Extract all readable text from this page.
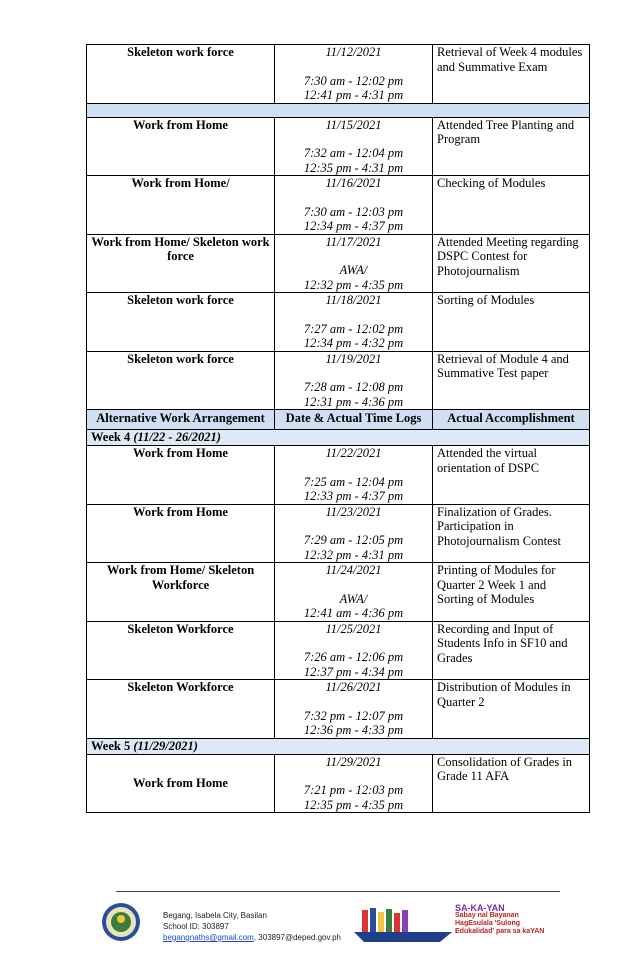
Skeleton work force	11/12/2021
7:30 am - 12:02 pm
12:41 pm - 4:31 pm	Retrieval of Week 4 modules and Summative Exam

Work from Home	11/15/2021
7:32 am - 12:04 pm
12:35 pm - 4:31 pm	Attended Tree Planting and Program
Work from Home/	11/16/2021
7:30 am - 12:03 pm
12:34 pm - 4:37 pm	Checking of Modules
Work from Home/ Skeleton work force	11/17/2021
AWA/
12:32 pm - 4:35 pm	Attended Meeting regarding DSPC Contest for Photojournalism
Skeleton work force	11/18/2021
7:27 am - 12:02 pm
12:34 pm - 4:32 pm	Sorting of Modules
Skeleton work force	11/19/2021
7:28 am - 12:08 pm
12:31 pm - 4:36 pm	Retrieval of Module 4 and Summative Test paper
Alternative Work Arrangement	Date & Actual Time Logs	Actual Accomplishment
Week 4 (11/22 - 26/2021)		
Work from Home	11/22/2021
7:25 am - 12:04 pm
12:33 pm - 4:37 pm	Attended the virtual orientation of DSPC
Work from Home	11/23/2021
7:29 am - 12:05 pm
12:32 pm - 4:31 pm	Finalization of Grades. Participation in Photojournalism Contest
Work from Home/ Skeleton Workforce	11/24/2021
AWA/
12:41 am - 4:36 pm	Printing of Modules for Quarter 2 Week 1 and Sorting of Modules
Skeleton Workforce	11/25/2021
7:26 am - 12:06 pm
12:37 pm - 4:34 pm	Recording and Input of Students Info in SF10 and Grades
Skeleton Workforce	11/26/2021
7:32 pm - 12:07 pm
12:36 pm - 4:33 pm	Distribution of Modules in Quarter 2
Week 5 (11/29/2021)		
Work from Home	11/29/2021
7:21 pm - 12:03 pm
12:35 pm - 4:35 pm	Consolidation of Grades in Grade 11 AFA
Begang, Isabela City, Basilan
School ID: 303897
begangnaths@gmail.com, 303897@deped.gov.ph
SA-KA-YAN
Sabay nal Bayanan HagEsulala 'Sulong Edukalidad' para sa kaYAN
